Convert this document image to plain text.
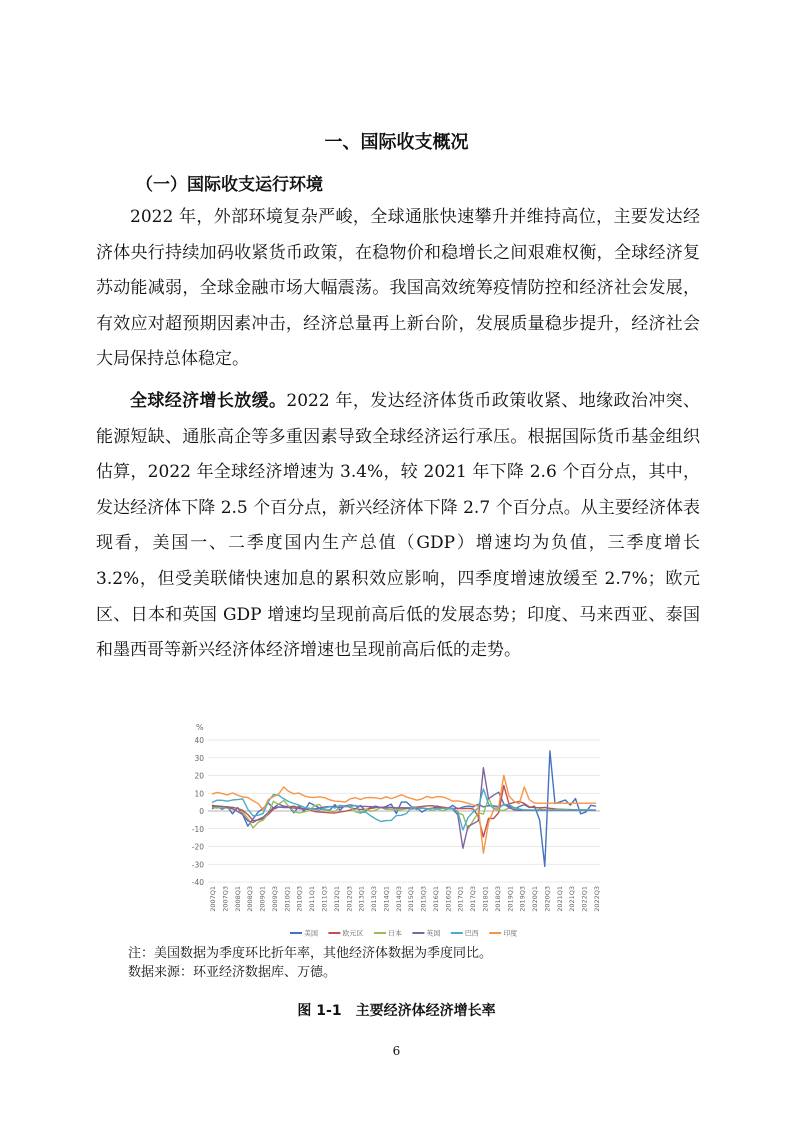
一、国际收支概况
（一）国际收支运行环境

2022 年，外部环境复杂严峻，全球通胀快速攀升并维持高位，主要发达经济体央行持续加码收紧货币政策，在稳物价和稳增长之间艰难权衡，全球经济复苏动能减弱，全球金融市场大幅震荡。我国高效统筹疫情防控和经济社会发展，有效应对超预期因素冲击，经济总量再上新台阶，发展质量稳步提升，经济社会大局保持总体稳定。

全球经济增长放缓。2022 年，发达经济体货币政策收紧、地缘政治冲突、能源短缺、通胀高企等多重因素导致全球经济运行承压。根据国际货币基金组织估算，2022 年全球经济增速为 3.4%，较 2021 年下降 2.6 个百分点，其中，发达经济体下降 2.5 个百分点，新兴经济体下降 2.7 个百分点。从主要经济体表现看，美国一、二季度国内生产总值（GDP）增速均为负值，三季度增长 3.2%，但受美联储快速加息的累积效应影响，四季度增速放缓至 2.7%；欧元区、日本和英国 GDP 增速均呈现前高后低的发展态势；印度、马来西亚、泰国和墨西哥等新兴经济体经济增速也呈现前高后低的走势。

%
40
30
20
10
0
-10
-20
-30
-40
2007Q1 2007Q3 2008Q1 2008Q3 2009Q1 2009Q3 2010Q1 2010Q3 2011Q1 2011Q3 2012Q1 2012Q3 2013Q1 2013Q3 2014Q1 2014Q3 2015Q1 2015Q3 2016Q1 2016Q3 2017Q1 2017Q3 2018Q1 2018Q3 2019Q1 2019Q3 2020Q1 2020Q3 2021Q1 2021Q3 2022Q1 2022Q3
美国	欧元区	日本	英国	巴西	印度
注：美国数据为季度环比折年率，其他经济体数据为季度同比。
数据来源：环亚经济数据库、万德。
图 1-1　主要经济体经济增长率
6
